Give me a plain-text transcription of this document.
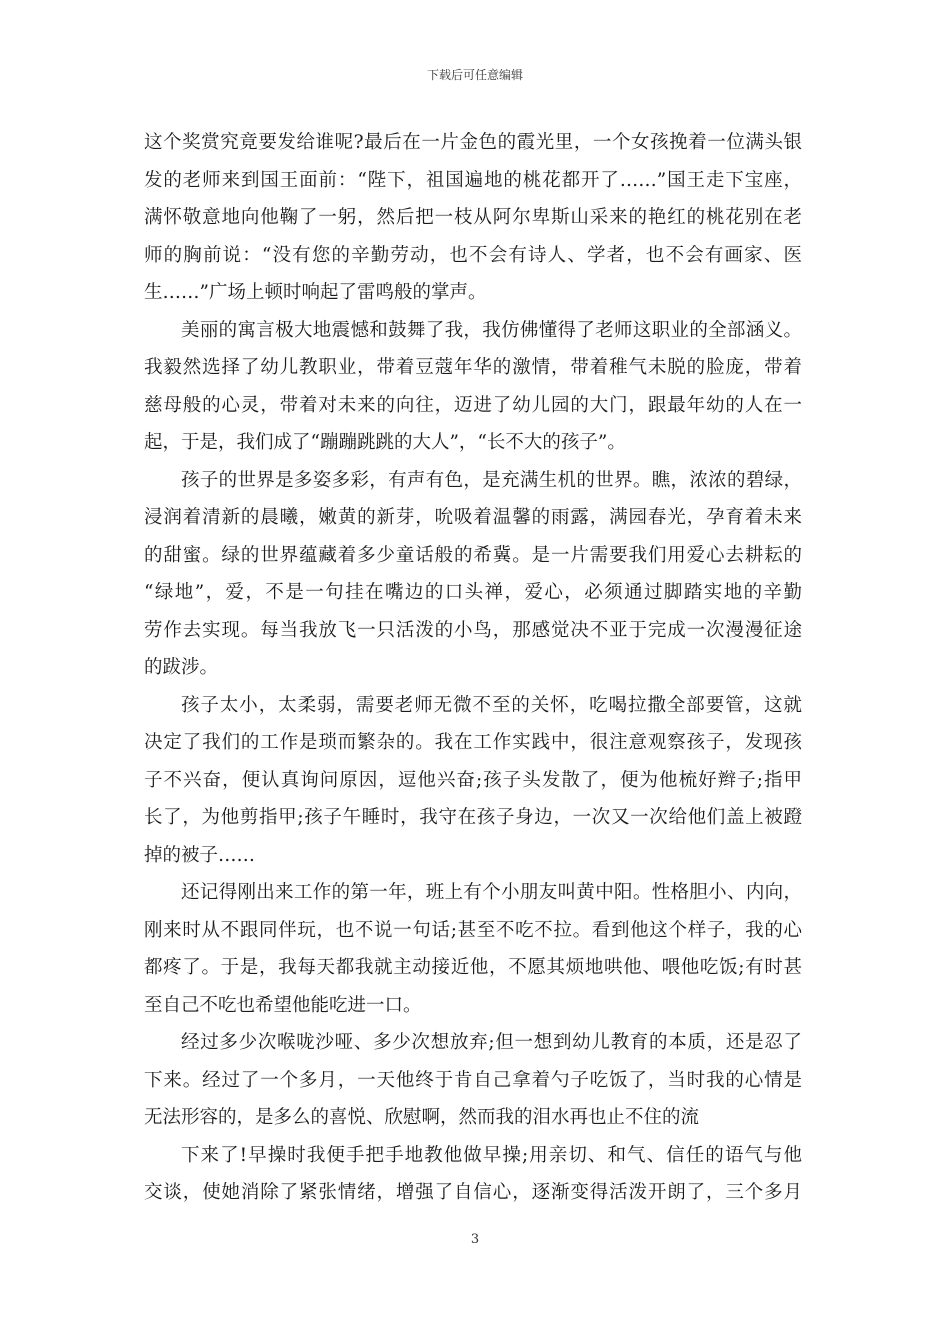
下载后可任意编辑
这个奖赏究竟要发给谁呢?最后在一片金色的霞光里，一个女孩挽着一位满头银
发的老师来到国王面前：“陛下，祖国遍地的桃花都开了……”国王走下宝座，
满怀敬意地向他鞠了一躬，然后把一枝从阿尔卑斯山采来的艳红的桃花别在老
师的胸前说：“没有您的辛勤劳动，也不会有诗人、学者，也不会有画家、医
生……”广场上顿时响起了雷鸣般的掌声。
美丽的寓言极大地震憾和鼓舞了我，我仿佛懂得了老师这职业的全部涵义。
我毅然选择了幼儿教职业，带着豆蔻年华的激情，带着稚气未脱的脸庞，带着
慈母般的心灵，带着对未来的向往，迈进了幼儿园的大门，跟最年幼的人在一
起，于是，我们成了“蹦蹦跳跳的大人”，“长不大的孩子”。
孩子的世界是多姿多彩，有声有色，是充满生机的世界。瞧，浓浓的碧绿，
浸润着清新的晨曦，嫩黄的新芽，吮吸着温馨的雨露，满园春光，孕育着未来
的甜蜜。绿的世界蕴藏着多少童话般的希冀。是一片需要我们用爱心去耕耘的
“绿地”，爱，不是一句挂在嘴边的口头禅，爱心，必须通过脚踏实地的辛勤
劳作去实现。每当我放飞一只活泼的小鸟，那感觉决不亚于完成一次漫漫征途
的跋涉。
孩子太小，太柔弱，需要老师无微不至的关怀，吃喝拉撒全部要管，这就
决定了我们的工作是琐而繁杂的。我在工作实践中，很注意观察孩子，发现孩
子不兴奋，便认真询问原因，逗他兴奋;孩子头发散了，便为他梳好辫子;指甲
长了，为他剪指甲;孩子午睡时，我守在孩子身边，一次又一次给他们盖上被蹬
掉的被子……
还记得刚出来工作的第一年，班上有个小朋友叫黄中阳。性格胆小、内向，
刚来时从不跟同伴玩，也不说一句话;甚至不吃不拉。看到他这个样子，我的心
都疼了。于是，我每天都我就主动接近他，不愿其烦地哄他、喂他吃饭;有时甚
至自己不吃也希望他能吃进一口。
经过多少次喉咙沙哑、多少次想放弃;但一想到幼儿教育的本质，还是忍了
下来。经过了一个多月，一天他终于肯自己拿着勺子吃饭了，当时我的心情是
无法形容的，是多么的喜悦、欣慰啊，然而我的泪水再也止不住的流
下来了!早操时我便手把手地教他做早操;用亲切、和气、信任的语气与他
交谈，使她消除了紧张情绪，增强了自信心，逐渐变得活泼开朗了，三个多月
3
